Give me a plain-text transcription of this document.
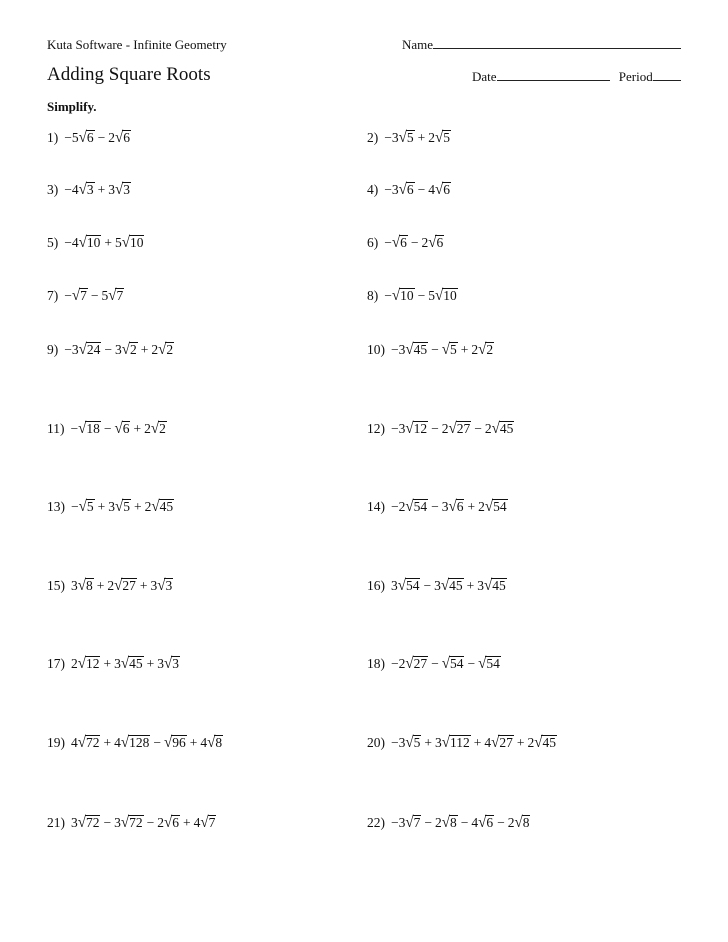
Kuta Software - Infinite Geometry	Name
Adding Square Roots	Date	Period
Simplify.
1) −5√6 − 2√6	2) −3√5 + 2√5
3) −4√3 + 3√3	4) −3√6 − 4√6
5) −4√10 + 5√10	6) −√6 − 2√6
7) −√7 − 5√7	8) −√10 − 5√10
9) −3√24 − 3√2 + 2√2	10) −3√45 − √5 + 2√2
11) −√18 − √6 + 2√2	12) −3√12 − 2√27 − 2√45
13) −√5 + 3√5 + 2√45	14) −2√54 − 3√6 + 2√54
15) 3√8 + 2√27 + 3√3	16) 3√54 − 3√45 + 3√45
17) 2√12 + 3√45 + 3√3	18) −2√27 − √54 − √54
19) 4√72 + 4√128 − √96 + 4√8	20) −3√5 + 3√112 + 4√27 + 2√45
21) 3√72 − 3√72 − 2√6 + 4√7	22) −3√7 − 2√8 − 4√6 − 2√8
